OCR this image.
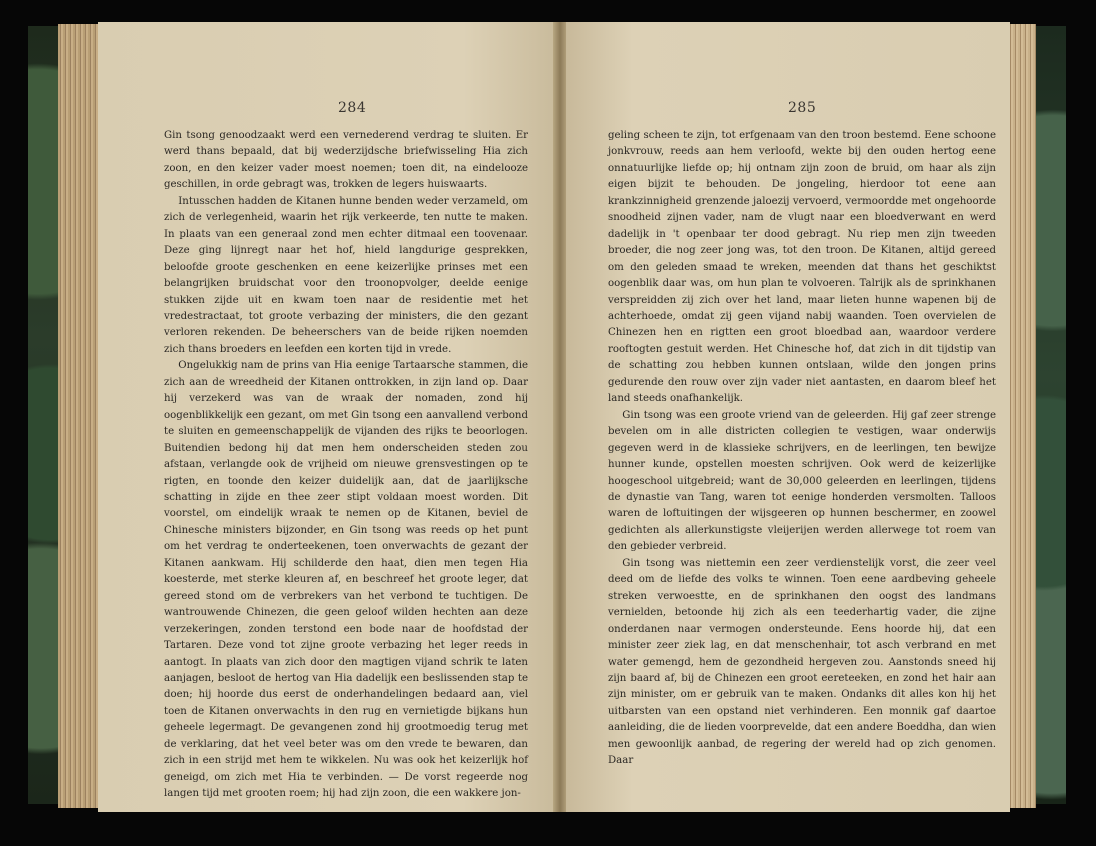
284

Gin tsong genoodzaakt werd een vernederend verdrag te sluiten. Er werd thans bepaald, dat bij wederzijdsche briefwisseling Hia zich zoon, en den keizer vader moest noemen; toen dit, na eindelooze geschillen, in orde gebragt was, trokken de legers huiswaarts.

Intusschen hadden de Kitanen hunne benden weder verzameld, om zich de verlegenheid, waarin het rijk verkeerde, ten nutte te maken. In plaats van een generaal zond men echter ditmaal een toovenaar. Deze ging lijnregt naar het hof, hield langdurige gesprekken, beloofde groote geschenken en eene keizerlijke prinses met een belangrijken bruidschat voor den troonopvolger, deelde eenige stukken zijde uit en kwam toen naar de residentie met het vredestractaat, tot groote verbazing der ministers, die den gezant verloren rekenden. De beheerschers van de beide rijken noemden zich thans broeders en leefden een korten tijd in vrede.

Ongelukkig nam de prins van Hia eenige Tartaarsche stammen, die zich aan de wreedheid der Kitanen onttrokken, in zijn land op. Daar hij verzekerd was van de wraak der nomaden, zond hij oogenblikkelijk een gezant, om met Gin tsong een aanvallend verbond te sluiten en gemeenschappelijk de vijanden des rijks te beoorlogen. Buitendien bedong hij dat men hem onderscheiden steden zou afstaan, verlangde ook de vrijheid om nieuwe grensvestingen op te rigten, en toonde den keizer duidelijk aan, dat de jaarlijksche schatting in zijde en thee zeer stipt voldaan moest worden. Dit voorstel, om eindelijk wraak te nemen op de Kitanen, beviel de Chinesche ministers bijzonder, en Gin tsong was reeds op het punt om het verdrag te onderteekenen, toen onverwachts de gezant der Kitanen aankwam. Hij schilderde den haat, dien men tegen Hia koesterde, met sterke kleuren af, en beschreef het groote leger, dat gereed stond om de verbrekers van het verbond te tuchtigen. De wantrouwende Chinezen, die geen geloof wilden hechten aan deze verzekeringen, zonden terstond een bode naar de hoofdstad der Tartaren. Deze vond tot zijne groote verbazing het leger reeds in aantogt. In plaats van zich door den magtigen vijand schrik te laten aanjagen, besloot de hertog van Hia dadelijk een beslissenden stap te doen; hij hoorde dus eerst de onderhandelingen bedaard aan, viel toen de Kitanen onverwachts in den rug en vernietigde bijkans hun geheele legermagt. De gevangenen zond hij grootmoedig terug met de verklaring, dat het veel beter was om den vrede te bewaren, dan zich in een strijd met hem te wikkelen. Nu was ook het keizerlijk hof geneigd, om zich met Hia te verbinden. — De vorst regeerde nog langen tijd met grooten roem; hij had zijn zoon, die een wakkere jon-

285

geling scheen te zijn, tot erfgenaam van den troon bestemd. Eene schoone jonkvrouw, reeds aan hem verloofd, wekte bij den ouden hertog eene onnatuurlijke liefde op; hij ontnam zijn zoon de bruid, om haar als zijn eigen bijzit te behouden. De jongeling, hierdoor tot eene aan krankzinnigheid grenzende jaloezij vervoerd, vermoordde met ongehoorde snoodheid zijnen vader, nam de vlugt naar een bloedverwant en werd dadelijk in 't openbaar ter dood gebragt. Nu riep men zijn tweeden broeder, die nog zeer jong was, tot den troon. De Kitanen, altijd gereed om den geleden smaad te wreken, meenden dat thans het geschiktst oogenblik daar was, om hun plan te volvoeren. Talrijk als de sprinkhanen verspreidden zij zich over het land, maar lieten hunne wapenen bij de achterhoede, omdat zij geen vijand nabij waanden. Toen overvielen de Chinezen hen en rigtten een groot bloedbad aan, waardoor verdere rooftogten gestuit werden. Het Chinesche hof, dat zich in dit tijdstip van de schatting zou hebben kunnen ontslaan, wilde den jongen prins gedurende den rouw over zijn vader niet aantasten, en daarom bleef het land steeds onafhankelijk.

Gin tsong was een groote vriend van de geleerden. Hij gaf zeer strenge bevelen om in alle districten collegien te vestigen, waar onderwijs gegeven werd in de klassieke schrijvers, en de leerlingen, ten bewijze hunner kunde, opstellen moesten schrijven. Ook werd de keizerlijke hoogeschool uitgebreid; want de 30,000 geleerden en leerlingen, tijdens de dynastie van Tang, waren tot eenige honderden versmolten. Talloos waren de loftuitingen der wijsgeeren op hunnen beschermer, en zoowel gedichten als allerkunstigste vleijerijen werden allerwege tot roem van den gebieder verbreid.

Gin tsong was niettemin een zeer verdienstelijk vorst, die zeer veel deed om de liefde des volks te winnen. Toen eene aardbeving geheele streken verwoestte, en de sprinkhanen den oogst des landmans vernielden, betoonde hij zich als een teederhartig vader, die zijne onderdanen naar vermogen ondersteunde. Eens hoorde hij, dat een minister zeer ziek lag, en dat menschenhair, tot asch verbrand en met water gemengd, hem de gezondheid hergeven zou. Aanstonds sneed hij zijn baard af, bij de Chinezen een groot eereteeken, en zond het hair aan zijn minister, om er gebruik van te maken. Ondanks dit alles kon hij het uitbarsten van een opstand niet verhinderen. Een monnik gaf daartoe aanleiding, die de lieden voorprevelde, dat een andere Boeddha, dan wien men gewoonlijk aanbad, de regering der wereld had op zich genomen. Daar
